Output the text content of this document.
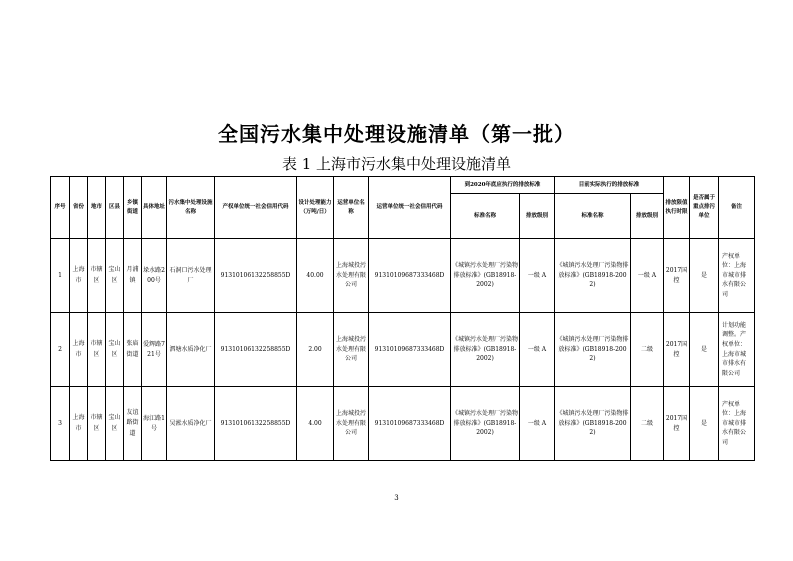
全国污水集中处理设施清单（第一批）
表 1 上海市污水集中处理设施清单
序号	省份	地市	区县	乡镇街道	具体地址	污水集中处理设施名称	产权单位统一社会信用代码	设计处理能力（万吨/日）	运营单位名称	运营单位统一社会信用代码	到2020年底应执行的排放标准		目前实际执行的排放标准		排放限值执行时限	是否属于重点排污单位	备注
											标准名称	排放级别	标准名称	排放级别			
1	上海市	市辖区	宝山区	月浦镇	垛水路200号	石洞口污水处理厂	91310106132258855D	40.00	上海城投污水处理有限公司	91310109687333468D	《城镇污水处理厂污染物排放标准》(GB18918-2002)	一级 A	《城镇污水处理厂污染物排放标准》(GB18918-2002)	一级 A	2017国控	是	产权单位：上海市城市排水有限公司
2	上海市	市辖区	宝山区	张庙街道	爱辉路721号	泗塘水质净化厂	91310106132258855D	2.00	上海城投污水处理有限公司	91310109687333468D	《城镇污水处理厂污染物排放标准》(GB18918-2002)	一级 A	《城镇污水处理厂污染物排放标准》(GB18918-2002)	二级	2017国控	是	计划功能调整。产权单位：上海市城市排水有限公司
3	上海市	市辖区	宝山区	友谊路街道	海江路1号	吴淞水质净化厂	91310106132258855D	4.00	上海城投污水处理有限公司	91310109687333468D	《城镇污水处理厂污染物排放标准》(GB18918-2002)	一级 A	《城镇污水处理厂污染物排放标准》(GB18918-2002)	二级	2017国控	是	产权单位：上海市城市排水有限公司
3
